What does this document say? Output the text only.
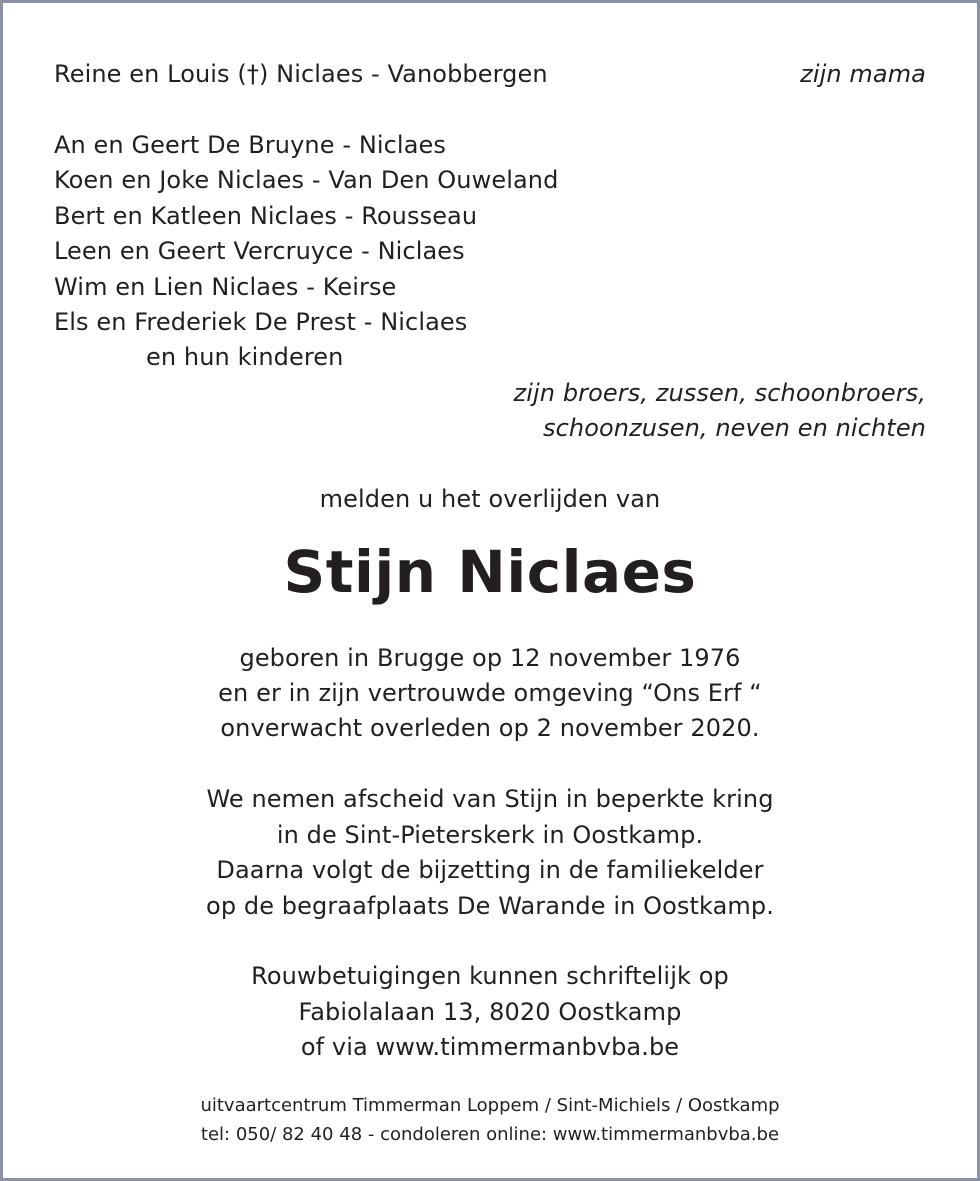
Reine en Louis (†) Niclaes - Vanobbergen	zijn mama
An en Geert De Bruyne - Niclaes
Koen en Joke Niclaes - Van Den Ouweland
Bert en Katleen Niclaes - Rousseau
Leen en Geert Vercruyce - Niclaes
Wim en Lien Niclaes - Keirse
Els en Frederiek De Prest - Niclaes
en hun kinderen
zijn broers, zussen, schoonbroers,
schoonzusen, neven en nichten
melden u het overlijden van
Stijn Niclaes
geboren in Brugge op 12 november 1976
en er in zijn vertrouwde omgeving “Ons Erf “
onverwacht overleden op 2 november 2020.
We nemen afscheid van Stijn in beperkte kring
in de Sint-Pieterskerk in Oostkamp.
Daarna volgt de bijzetting in de familiekelder
op de begraafplaats De Warande in Oostkamp.
Rouwbetuigingen kunnen schriftelijk op
Fabiolalaan 13, 8020 Oostkamp
of via www.timmermanbvba.be
uitvaartcentrum Timmerman Loppem / Sint-Michiels / Oostkamp
tel: 050/ 82 40 48 - condoleren online: www.timmermanbvba.be
